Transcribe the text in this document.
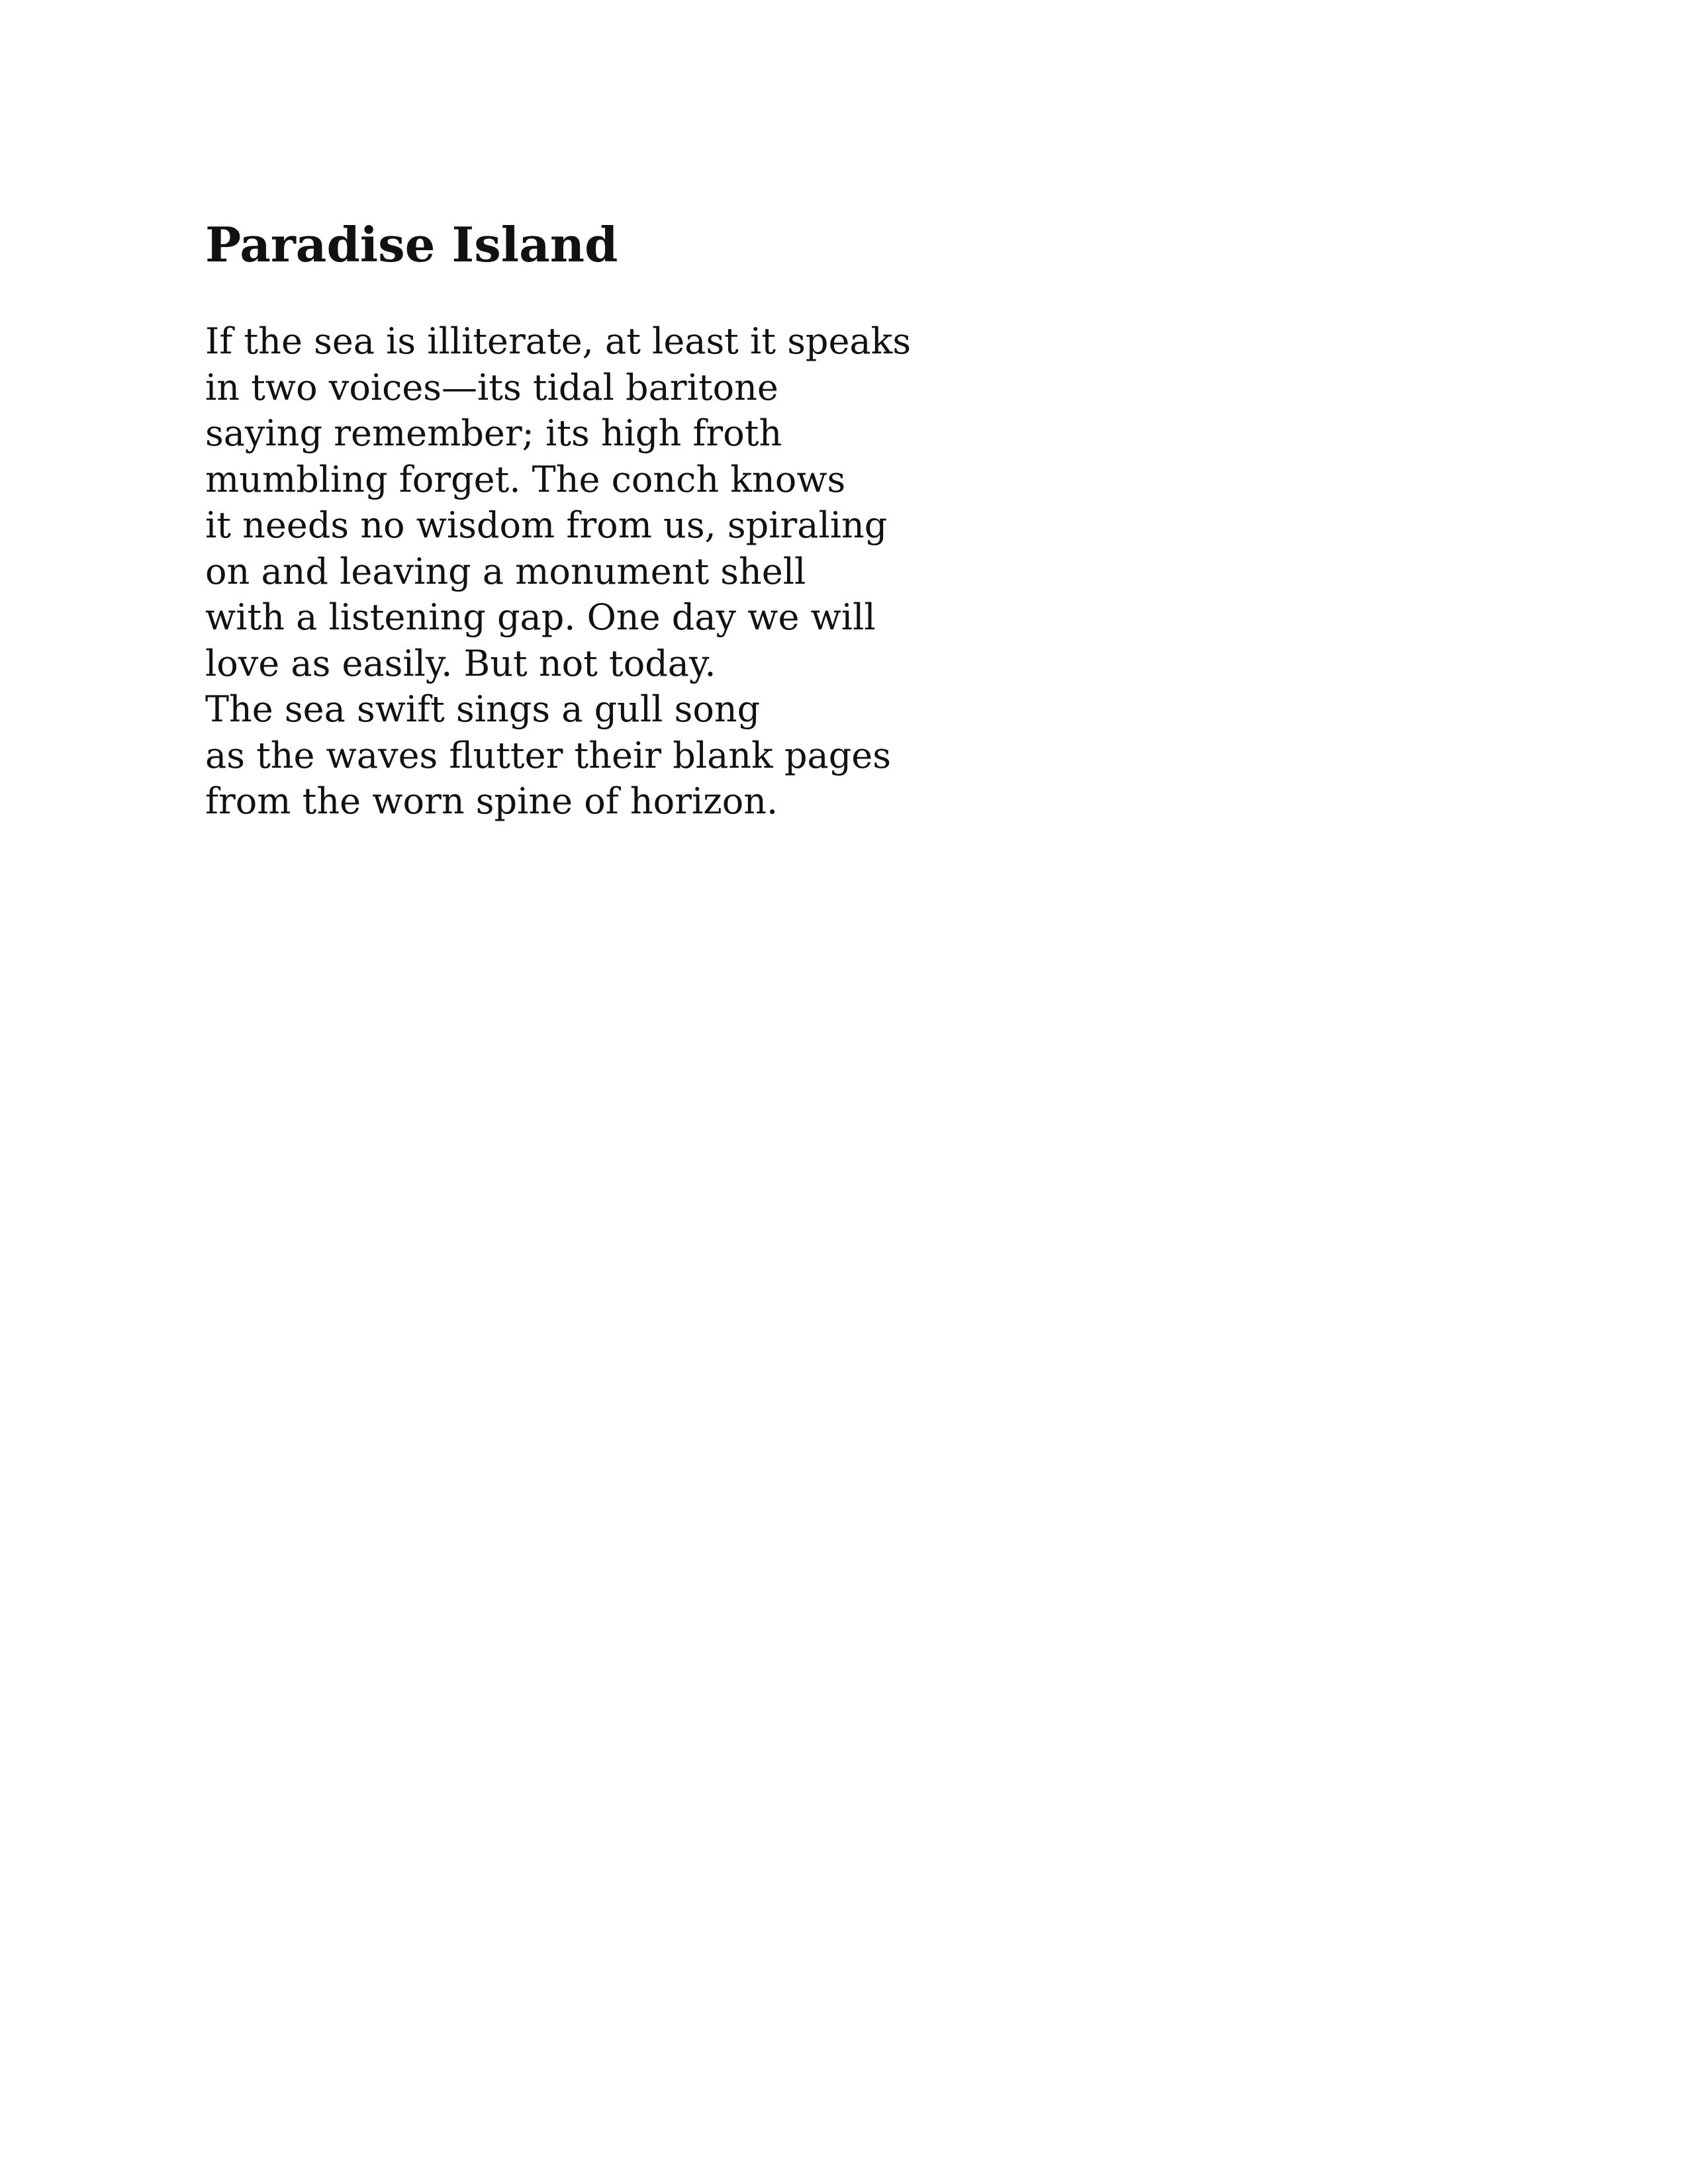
Paradise Island
If the sea is illiterate, at least it speaks
in two voices—its tidal baritone
saying remember; its high froth
mumbling forget. The conch knows
it needs no wisdom from us, spiraling
on and leaving a monument shell
with a listening gap. One day we will
love as easily. But not today.
The sea swift sings a gull song
as the waves flutter their blank pages
from the worn spine of horizon.
